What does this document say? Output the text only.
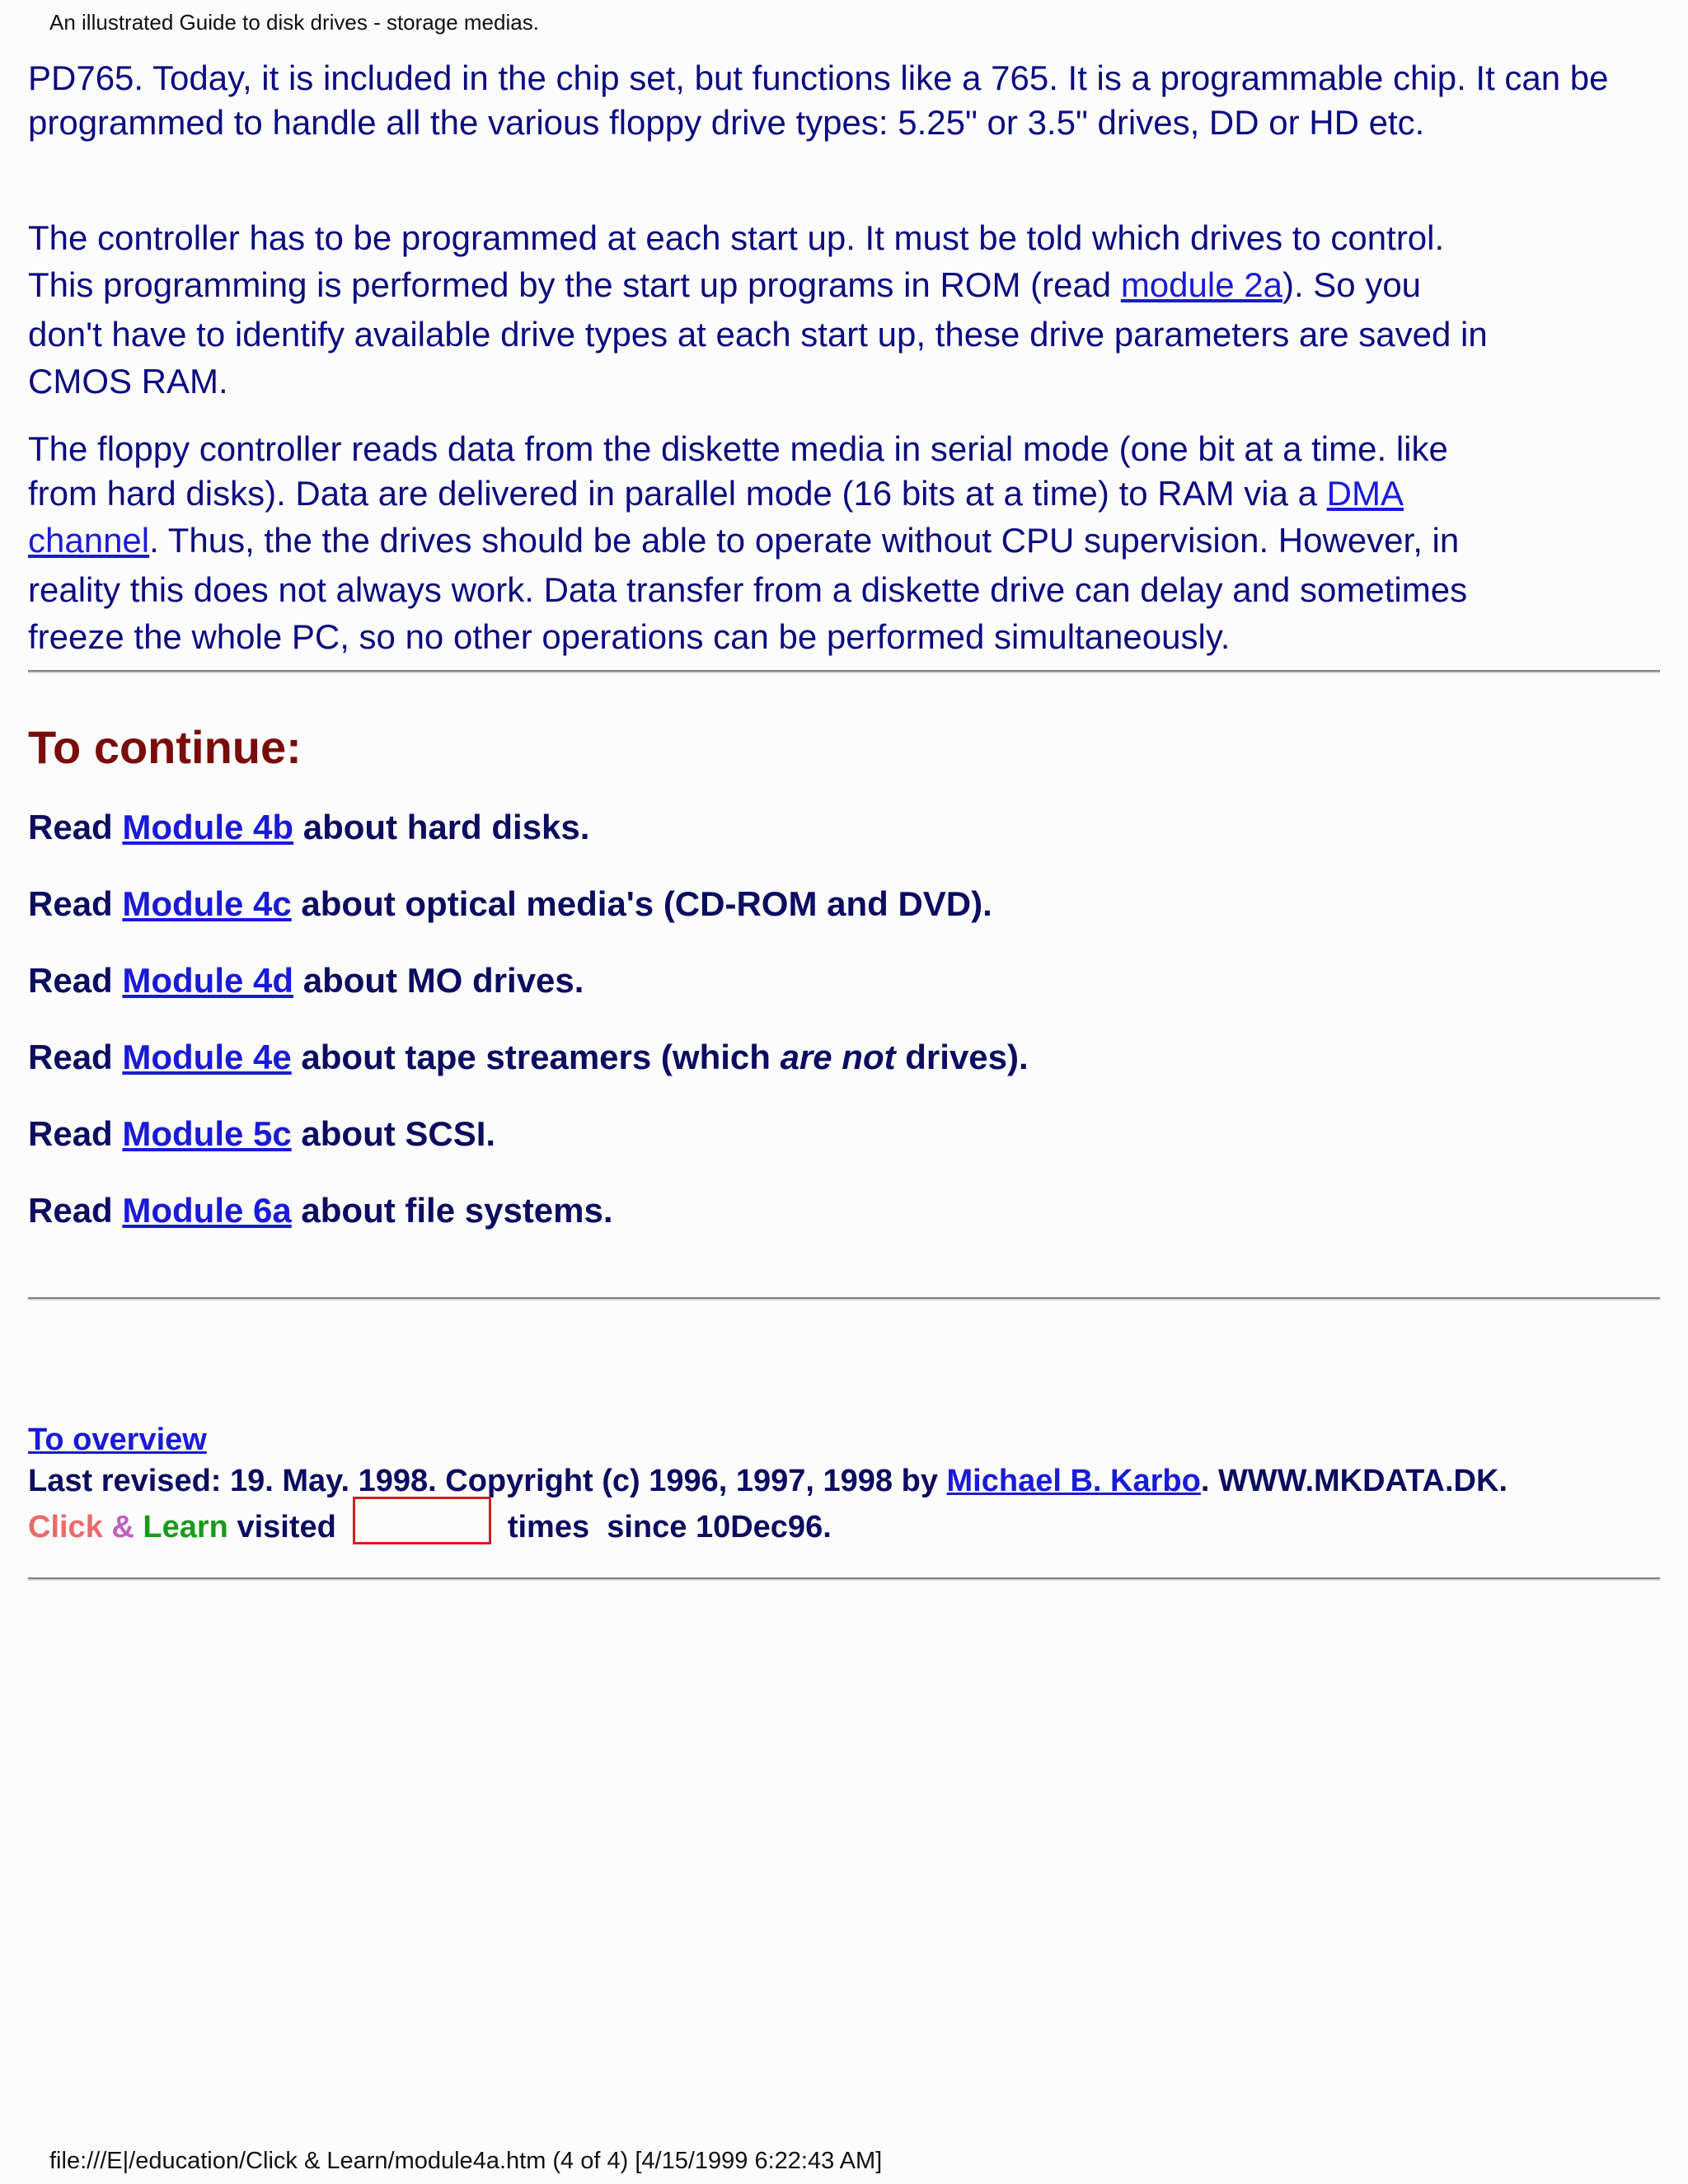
An illustrated Guide to disk drives - storage medias.
PD765. Today, it is included in the chip set, but functions like a 765. It is a programmable chip. It can be programmed to handle all the various floppy drive types: 5.25" or 3.5" drives, DD or HD etc.
The controller has to be programmed at each start up. It must be told which drives to control.
This programming is performed by the start up programs in ROM (read module 2a). So you
don't have to identify available drive types at each start up, these drive parameters are saved in
CMOS RAM.
The floppy controller reads data from the diskette media in serial mode (one bit at a time. like
from hard disks). Data are delivered in parallel mode (16 bits at a time) to RAM via a DMA
channel. Thus, the the drives should be able to operate without CPU supervision. However, in
reality this does not always work. Data transfer from a diskette drive can delay and sometimes
freeze the whole PC, so no other operations can be performed simultaneously.
To continue:
Read Module 4b about hard disks.
Read Module 4c about optical media's (CD-ROM and DVD).
Read Module 4d about MO drives.
Read Module 4e about tape streamers (which are not drives).
Read Module 5c about SCSI.
Read Module 6a about file systems.
To overview
Last revised: 19. May. 1998. Copyright (c) 1996, 1997, 1998 by Michael B. Karbo. WWW.MKDATA.DK.
Click
&
Learn
visited	times  since 10Dec96.
file:///E|/education/Click & Learn/module4a.htm (4 of 4) [4/15/1999 6:22:43 AM]
